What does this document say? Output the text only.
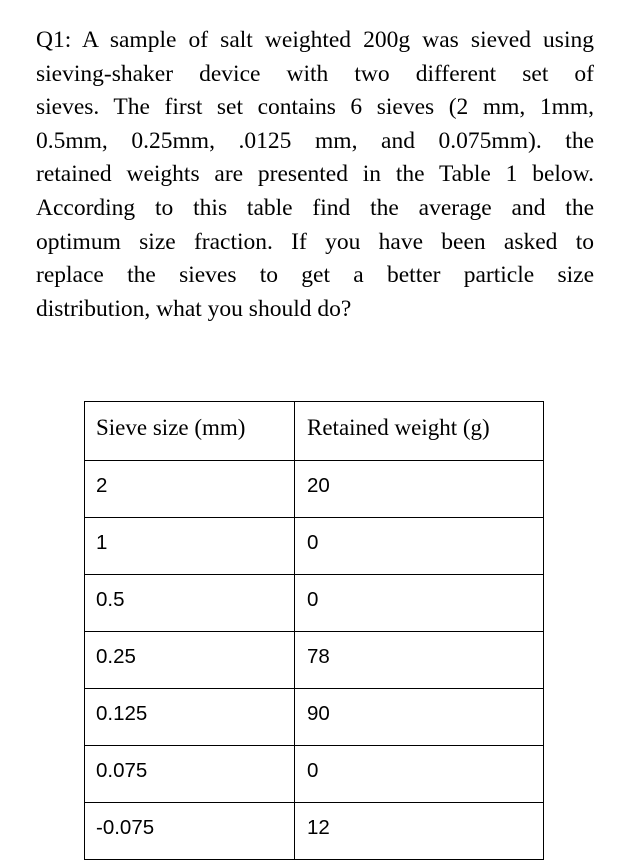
Q1: A sample of salt weighted 200g was sieved using
sieving-shaker device with two different set of
sieves. The first set contains 6 sieves (2 mm, 1mm,
0.5mm, 0.25mm, .0125 mm, and 0.075mm). the
retained weights are presented in the Table 1 below.
According to this table find the average and the
optimum size fraction. If you have been asked to
replace the sieves to get a better particle size
distribution, what you should do?

Sieve size (mm)	Retained weight (g)
2	20
1	0
0.5	0
0.25	78
0.125	90
0.075	0
-0.075	12
